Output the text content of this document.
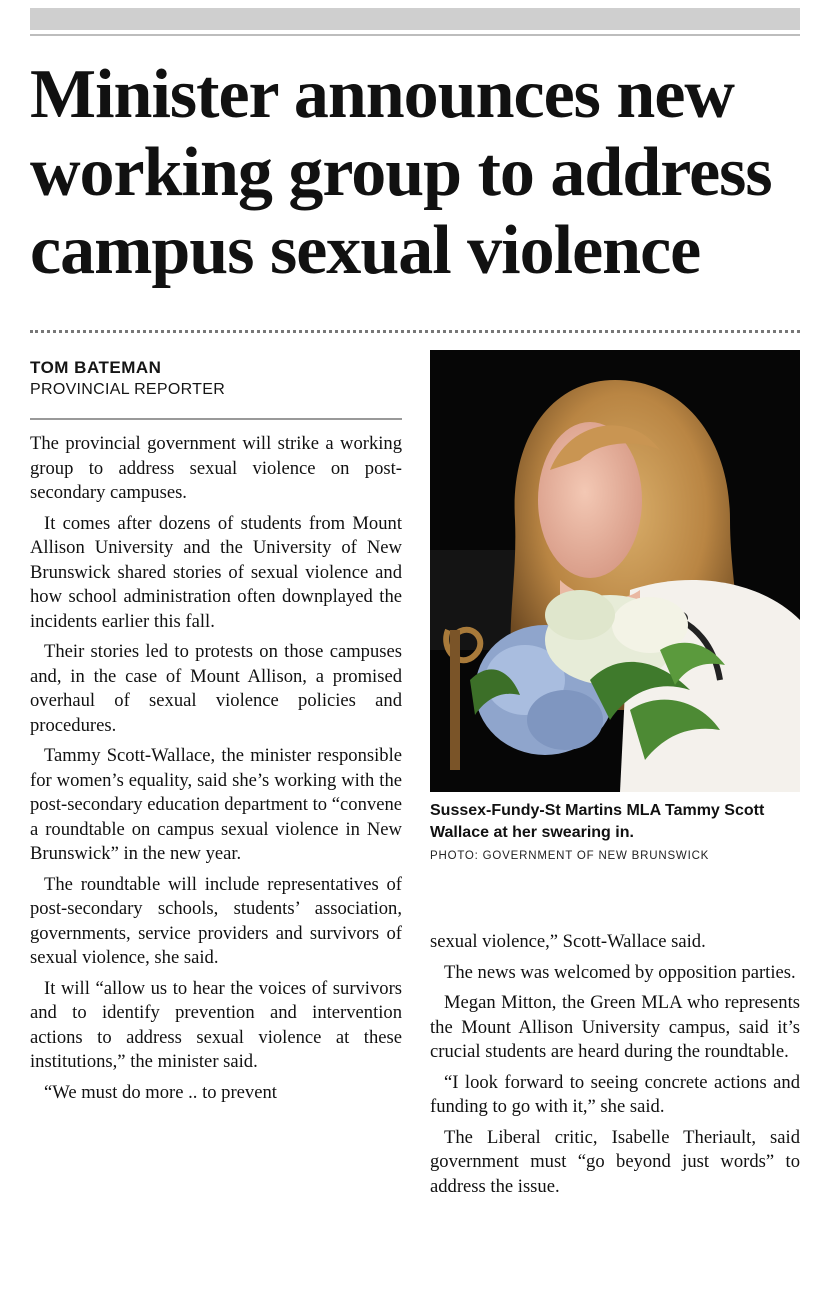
Minister announces new
working group to address
campus sexual violence
TOM BATEMAN
PROVINCIAL REPORTER

The provincial government will strike a working group to address sexual violence on post-secondary campuses.

It comes after dozens of students from Mount Allison University and the University of New Brunswick shared stories of sexual violence and how school administration often downplayed the incidents earlier this fall.

Their stories led to protests on those campuses and, in the case of Mount Allison, a promised overhaul of sexual violence policies and procedures.

Tammy Scott-Wallace, the minister responsible for women’s equality, said she’s working with the post-secondary education department to “convene a roundtable on campus sexual violence in New Brunswick” in the new year.

The roundtable will include representatives of post-secondary schools, students’ association, governments, service providers and survivors of sexual violence, she said.

It will “allow us to hear the voices of survivors and to identify prevention and intervention actions to address sexual violence at these institutions,” the minister said.

“We must do more .. to prevent

Sussex-Fundy-St Martins MLA Tammy Scott Wallace at her swearing in.
PHOTO: GOVERNMENT OF NEW BRUNSWICK

sexual violence,” Scott-Wallace said.

The news was welcomed by opposition parties.

Megan Mitton, the Green MLA who represents the Mount Allison University campus, said it’s crucial students are heard during the roundtable.

“I look forward to seeing concrete actions and funding to go with it,” she said.

The Liberal critic, Isabelle Theriault, said government must “go beyond just words” to address the issue.
